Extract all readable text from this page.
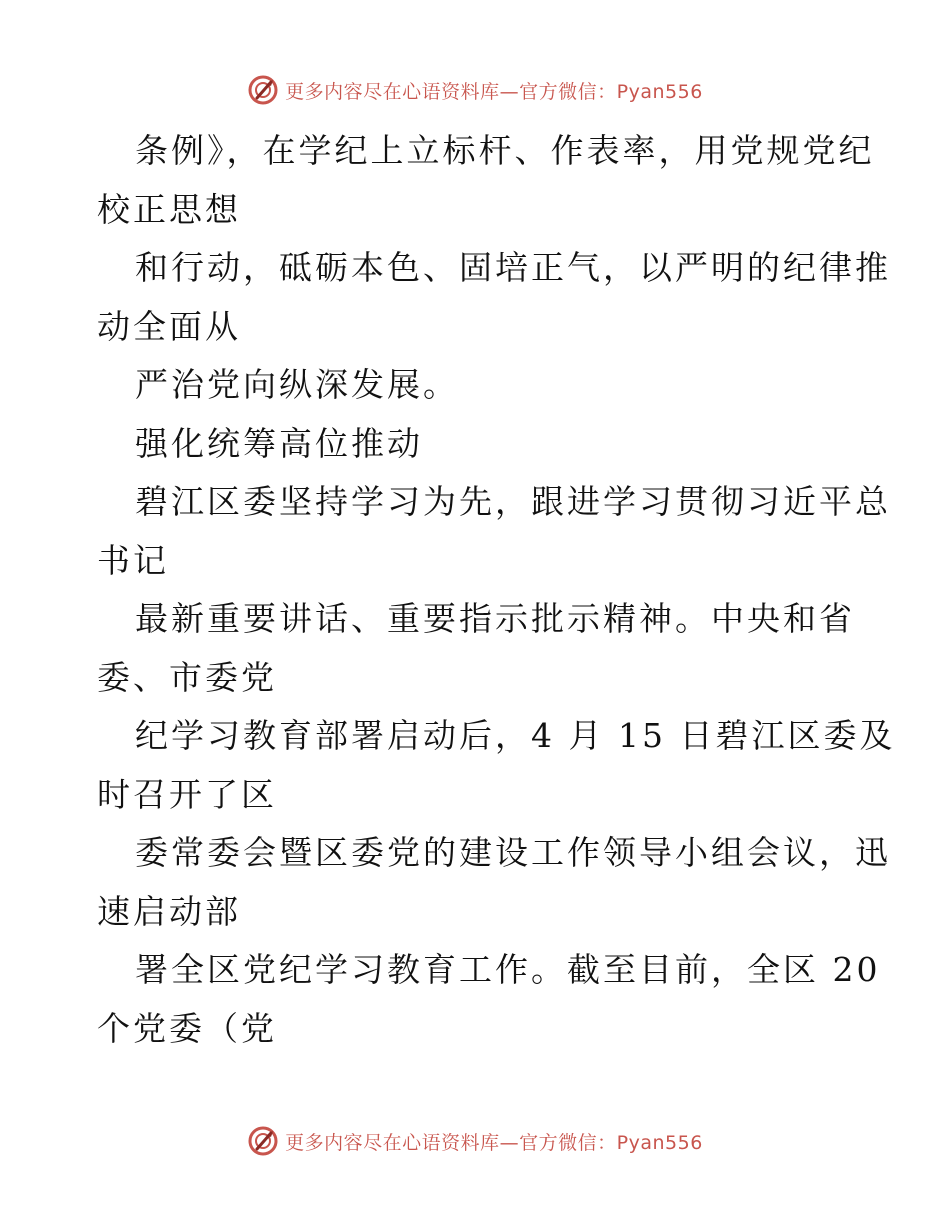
更多内容尽在心语资料库—官方微信：Pyan556
条例》，在学纪上立标杆、作表率，用党规党纪
校正思想
和行动，砥砺本色、固培正气，以严明的纪律推
动全面从
严治党向纵深发展。
强化统筹高位推动
碧江区委坚持学习为先，跟进学习贯彻习近平总
书记
最新重要讲话、重要指示批示精神。中央和省
委、市委党
纪学习教育部署启动后，4 月 15 日碧江区委及
时召开了区
委常委会暨区委党的建设工作领导小组会议，迅
速启动部
署全区党纪学习教育工作。截至目前，全区 20
个党委（党
更多内容尽在心语资料库—官方微信：Pyan556
